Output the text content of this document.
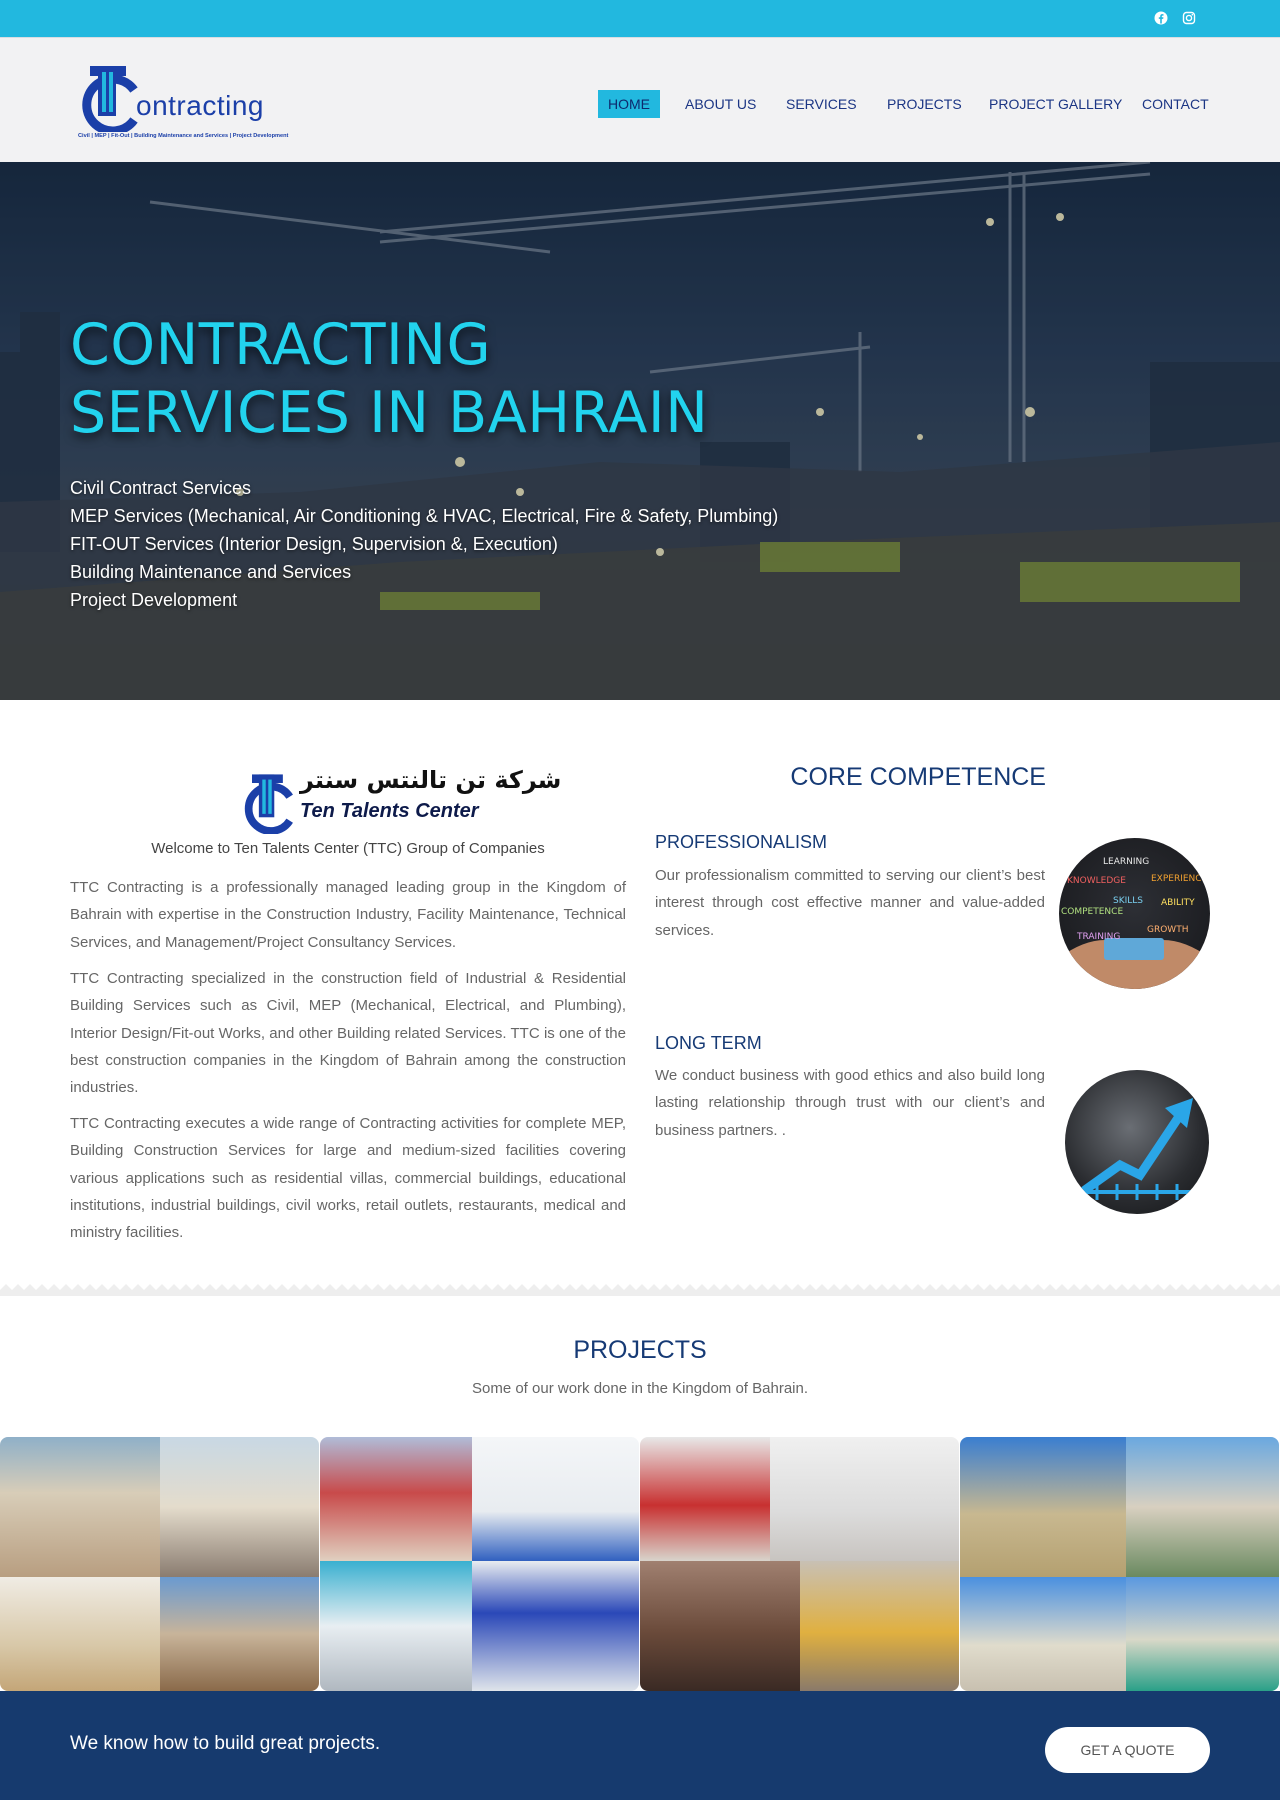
ontracting
Civil | MEP | Fit-Out | Building Maintenance and Services | Project Development
HOME	ABOUT US	SERVICES	PROJECTS	PROJECT GALLERY	CONTACT
CONTRACTING
SERVICES IN BAHRAIN
Civil Contract Services
MEP Services (Mechanical, Air Conditioning & HVAC, Electrical, Fire & Safety, Plumbing)
FIT-OUT Services (Interior Design, Supervision &, Execution)
Building Maintenance and Services
Project Development
شركة تن تالنتس سنتر
Ten Talents Center
Welcome to Ten Talents Center (TTC) Group of Companies
TTC Contracting is a professionally managed leading group in the Kingdom of Bahrain with expertise in the Construction Industry, Facility Maintenance, Technical Services, and Management/Project Consultancy Services.
TTC Contracting specialized in the construction field of Industrial & Residential Building Services such as Civil, MEP (Mechanical, Electrical, and Plumbing), Interior Design/Fit-out Works, and other Building related Services. TTC is one of the best construction companies in the Kingdom of Bahrain among the construction industries.
TTC Contracting executes a wide range of Contracting activities for complete MEP, Building Construction Services for large and medium-sized facilities covering various applications such as residential villas, commercial buildings, educational institutions, industrial buildings, civil works, retail outlets, restaurants, medical and ministry facilities.
CORE COMPETENCE
PROFESSIONALISM
Our professionalism committed to serving our client’s best interest through cost effective manner and value-added services.
LEARNING
KNOWLEDGE	EXPERIENCE
SKILLS ABILITY
COMPETENCE
TRAINING
GROWTH
LONG TERM
We conduct business with good ethics and also build long lasting relationship through trust with our client’s and business partners. .
PROJECTS
Some of our work done in the Kingdom of Bahrain.
We know how to build great projects.	GET A QUOTE
